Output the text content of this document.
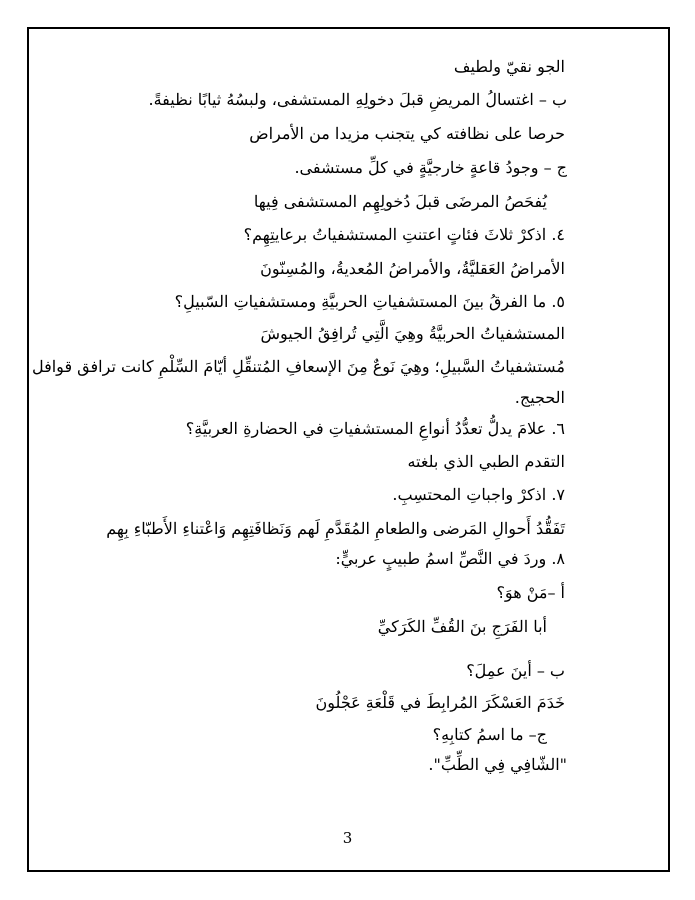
الجو نقيّ ولطيف
ب – اغتسالُ المريضِ قبلَ دخولِهِ المستشفى، ولبسُهُ ثيابًا نظيفةً.
حرصا على نظافته كي يتجنب مزيدا من الأمراض
ج – وجودُ قاعةٍ خارجيَّةٍ في كلِّ مستشفى.
يُفحَصُ المرضَى قبلَ دُخولِهِم المستشفى فِيها
٤. اذكرْ ثلاثَ فئاتٍ اعتنتِ المستشفياتُ برعايتِهِم؟
الأمراضُ العَقليَّةُ، والأمراضُ المُعديةُ، والمُسِنّونَ
٥. ما الفرقُ بينَ المستشفياتِ الحربيَّةِ ومستشفياتِ السّبيلِ؟
المستشفياتُ الحربيَّةُ وهِيَ الَّتِي تُرافِقُ الجيوشَ
مُستشفياتُ السَّبيلِ؛ وهِيَ نَوعٌ مِنَ الإسعافِ المُتنقِّلِ أيّامَ السِّلْمِ كانت ترافق قوافل
الحجيج.
٦. علامَ يدلُّ تعدُّدُ أنواعِ المستشفياتِ في الحضارةِ العربيَّةِ؟
التقدم الطبي الذي بلغته
٧. اذكرْ واجباتِ المحتسِبِ.
تَفَقُّدُ أَحوالِ المَرضى والطعامِ المُقَدَّمِ لَهم وَنَظافَتِهِم وَاعْتناءِ الأَطبّاءِ بِهِم
٨. وردَ في النَّصِّ اسمُ طبيبٍ عربيٍّ:
أ –مَنْ هوَ؟
أبا الفَرَجِ بنَ القُفِّ الكَرَكيِّ
ب – أينَ عمِلَ؟
خَدَمَ العَسْكَرَ المُرابِطَ في قَلْعَةِ عَجْلُونَ
ج– ما اسمُ كتابِهِ؟
"الشّافِي فِي الطِّبِّ".
3
